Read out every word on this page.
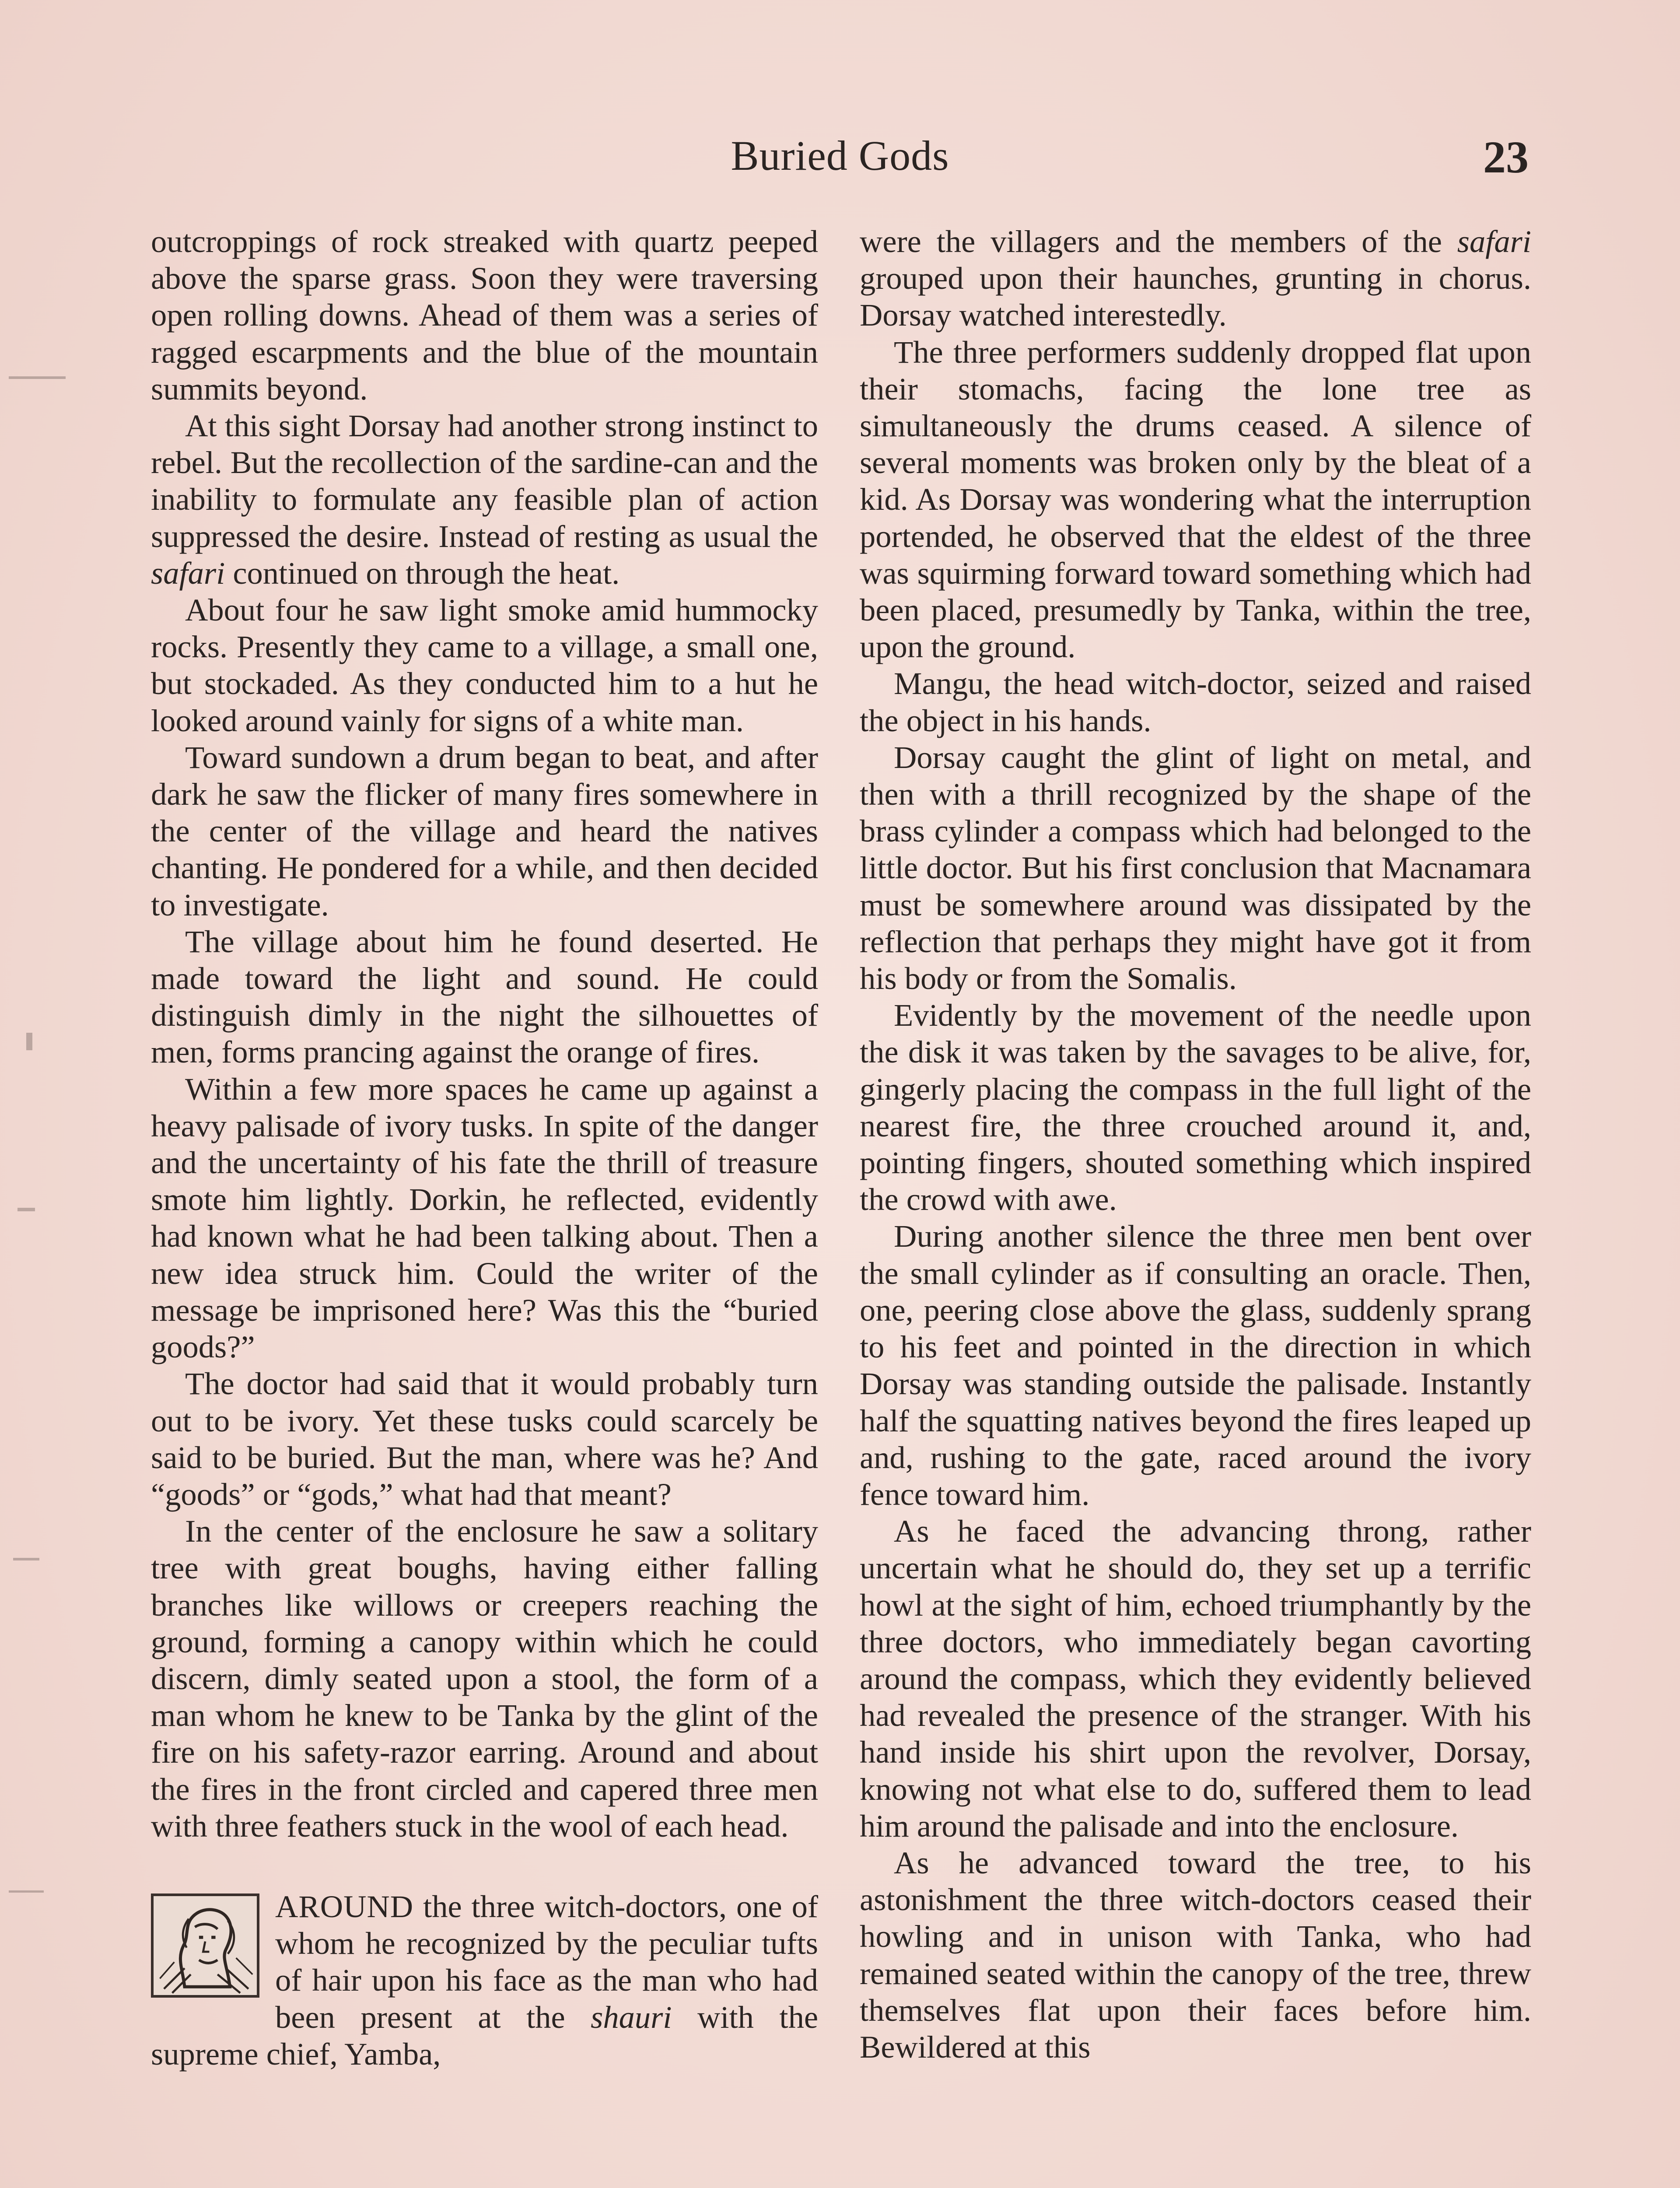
Buried Gods	23

outcroppings of rock streaked with quartz peeped above the sparse grass. Soon they were traversing open rolling downs. Ahead of them was a series of ragged escarpments and the blue of the mountain summits beyond.

At this sight Dorsay had another strong instinct to rebel. But the recollection of the sardine-can and the inability to formulate any feasible plan of action suppressed the desire. Instead of resting as usual the safari continued on through the heat.

About four he saw light smoke amid hummocky rocks. Presently they came to a village, a small one, but stockaded. As they conducted him to a hut he looked around vainly for signs of a white man.

Toward sundown a drum began to beat, and after dark he saw the flicker of many fires somewhere in the center of the village and heard the natives chanting. He pondered for a while, and then decided to investigate.

The village about him he found deserted. He made toward the light and sound. He could distinguish dimly in the night the silhouettes of men, forms prancing against the orange of fires.

Within a few more spaces he came up against a heavy palisade of ivory tusks. In spite of the danger and the uncertainty of his fate the thrill of treasure smote him lightly. Dorkin, he reflected, evidently had known what he had been talking about. Then a new idea struck him. Could the writer of the message be imprisoned here? Was this the “buried goods?”

The doctor had said that it would probably turn out to be ivory. Yet these tusks could scarcely be said to be buried. But the man, where was he? And “goods” or “gods,” what had that meant?

In the center of the enclosure he saw a solitary tree with great boughs, having either falling branches like willows or creepers reaching the ground, forming a canopy within which he could discern, dimly seated upon a stool, the form of a man whom he knew to be Tanka by the glint of the fire on his safety-razor earring. Around and about the fires in the front circled and capered three men with three feathers stuck in the wool of each head.

AROUND the three witch-doctors, one of whom he recognized by the peculiar tufts of hair upon his face as the man who had been present at the shauri with the supreme chief, Yamba,

were the villagers and the members of the safari grouped upon their haunches, grunting in chorus. Dorsay watched interestedly.

The three performers suddenly dropped flat upon their stomachs, facing the lone tree as simultaneously the drums ceased. A silence of several moments was broken only by the bleat of a kid. As Dorsay was wondering what the interruption portended, he observed that the eldest of the three was squirming forward toward something which had been placed, presumedly by Tanka, within the tree, upon the ground.

Mangu, the head witch-doctor, seized and raised the object in his hands.

Dorsay caught the glint of light on metal, and then with a thrill recognized by the shape of the brass cylinder a compass which had belonged to the little doctor. But his first conclusion that Macnamara must be somewhere around was dissipated by the reflection that perhaps they might have got it from his body or from the Somalis.

Evidently by the movement of the needle upon the disk it was taken by the savages to be alive, for, gingerly placing the compass in the full light of the nearest fire, the three crouched around it, and, pointing fingers, shouted something which inspired the crowd with awe.

During another silence the three men bent over the small cylinder as if consulting an oracle. Then, one, peering close above the glass, suddenly sprang to his feet and pointed in the direction in which Dorsay was standing outside the palisade. Instantly half the squatting natives beyond the fires leaped up and, rushing to the gate, raced around the ivory fence toward him.

As he faced the advancing throng, rather uncertain what he should do, they set up a terrific howl at the sight of him, echoed triumphantly by the three doctors, who immediately began cavorting around the compass, which they evidently believed had revealed the presence of the stranger. With his hand inside his shirt upon the revolver, Dorsay, knowing not what else to do, suffered them to lead him around the palisade and into the enclosure.

As he advanced toward the tree, to his astonishment the three witch-doctors ceased their howling and in unison with Tanka, who had remained seated within the canopy of the tree, threw themselves flat upon their faces before him. Bewildered at this
